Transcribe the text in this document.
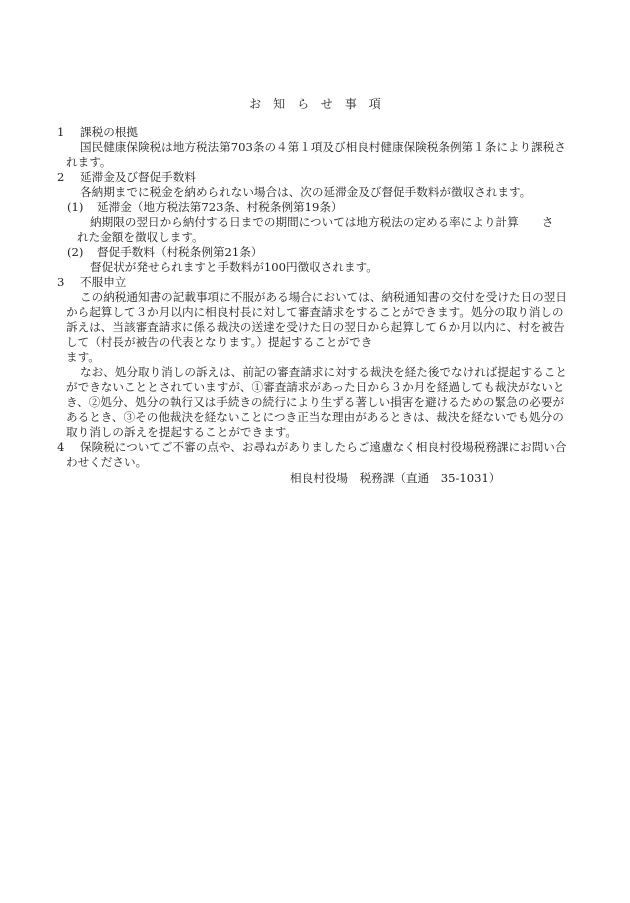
お知らせ事項
1 課税の根拠
国民健康保険税は地方税法第703条の４第１項及び相良村健康保険税条例第１条により課税さ
れます。
2 延滞金及び督促手数料
各納期までに税金を納められない場合は、次の延滞金及び督促手数料が徴収されます。
(1) 延滞金（地方税法第723条、村税条例第19条）
納期限の翌日から納付する日までの期間については地方税法の定める率により計算　　さ
れた金額を徴収します。
(2) 督促手数料（村税条例第21条）
督促状が発せられますと手数料が100円徴収されます。
3 不服申立
この納税通知書の記載事項に不服がある場合においては、納税通知書の交付を受けた日の翌日
から起算して３か月以内に相良村長に対して審査請求をすることができます。処分の取り消しの
訴えは、当該審査請求に係る裁決の送達を受けた日の翌日から起算して６か月以内に、村を被告
して（村長が被告の代表となります。）提起することができ
ます。
なお、処分取り消しの訴えは、前記の審査請求に対する裁決を経た後でなければ提起すること
ができないこととされていますが、①審査請求があった日から３か月を経過しても裁決がないと
き、②処分、処分の執行又は手続きの続行により生ずる著しい損害を避けるための緊急の必要が
あるとき、③その他裁決を経ないことにつき正当な理由があるときは、裁決を経ないでも処分の
取り消しの訴えを提起することができます。
4 保険税についてご不審の点や、お尋ねがありましたらご遠慮なく相良村役場税務課にお問い合
わせください。
相良村役場　税務課（直通　35-1031）
